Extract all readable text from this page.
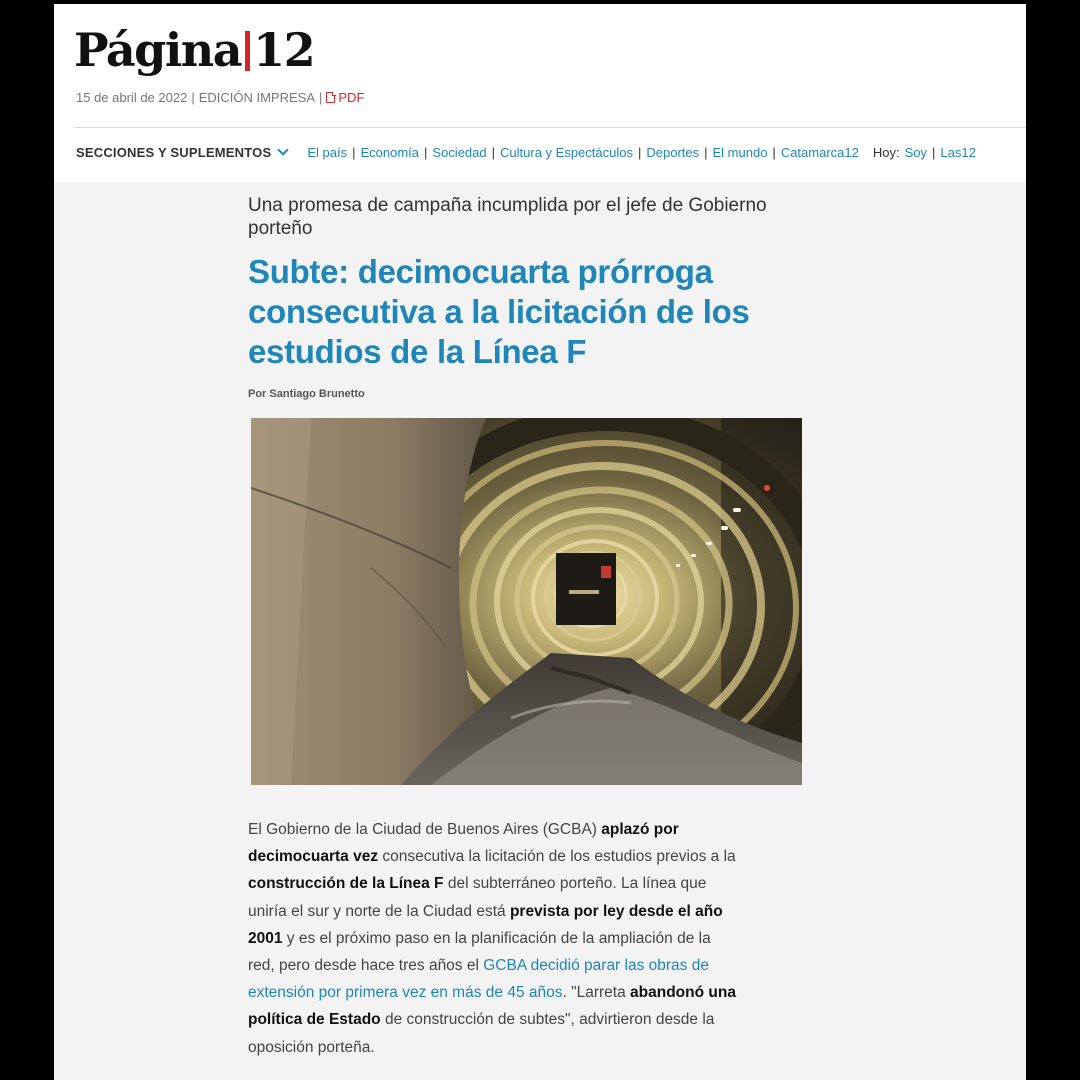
Página 12
15 de abril de 2022 | EDICIÓN IMPRESA | PDF
SECCIONES Y SUPLEMENTOS	El país | Economía | Sociedad | Cultura y Espectáculos | Deportes | El mundo | Catamarca12 Hoy: Soy | Las12

Una promesa de campaña incumplida por el jefe de Gobierno porteño

Subte: decimocuarta prórroga consecutiva a la licitación de los estudios de la Línea F
Por Santiago Brunetto
El Gobierno de la Ciudad de Buenos Aires (GCBA) aplazó por
decimocuarta vez consecutiva la licitación de los estudios previos a la
construcción de la Línea F del subterráneo porteño. La línea que
uniría el sur y norte de la Ciudad está prevista por ley desde el año
2001 y es el próximo paso en la planificación de la ampliación de la
red, pero desde hace tres años el GCBA decidió parar las obras de
extensión por primera vez en más de 45 años. "Larreta abandonó una
política de Estado de construcción de subtes", advirtieron desde la
oposición porteña.
